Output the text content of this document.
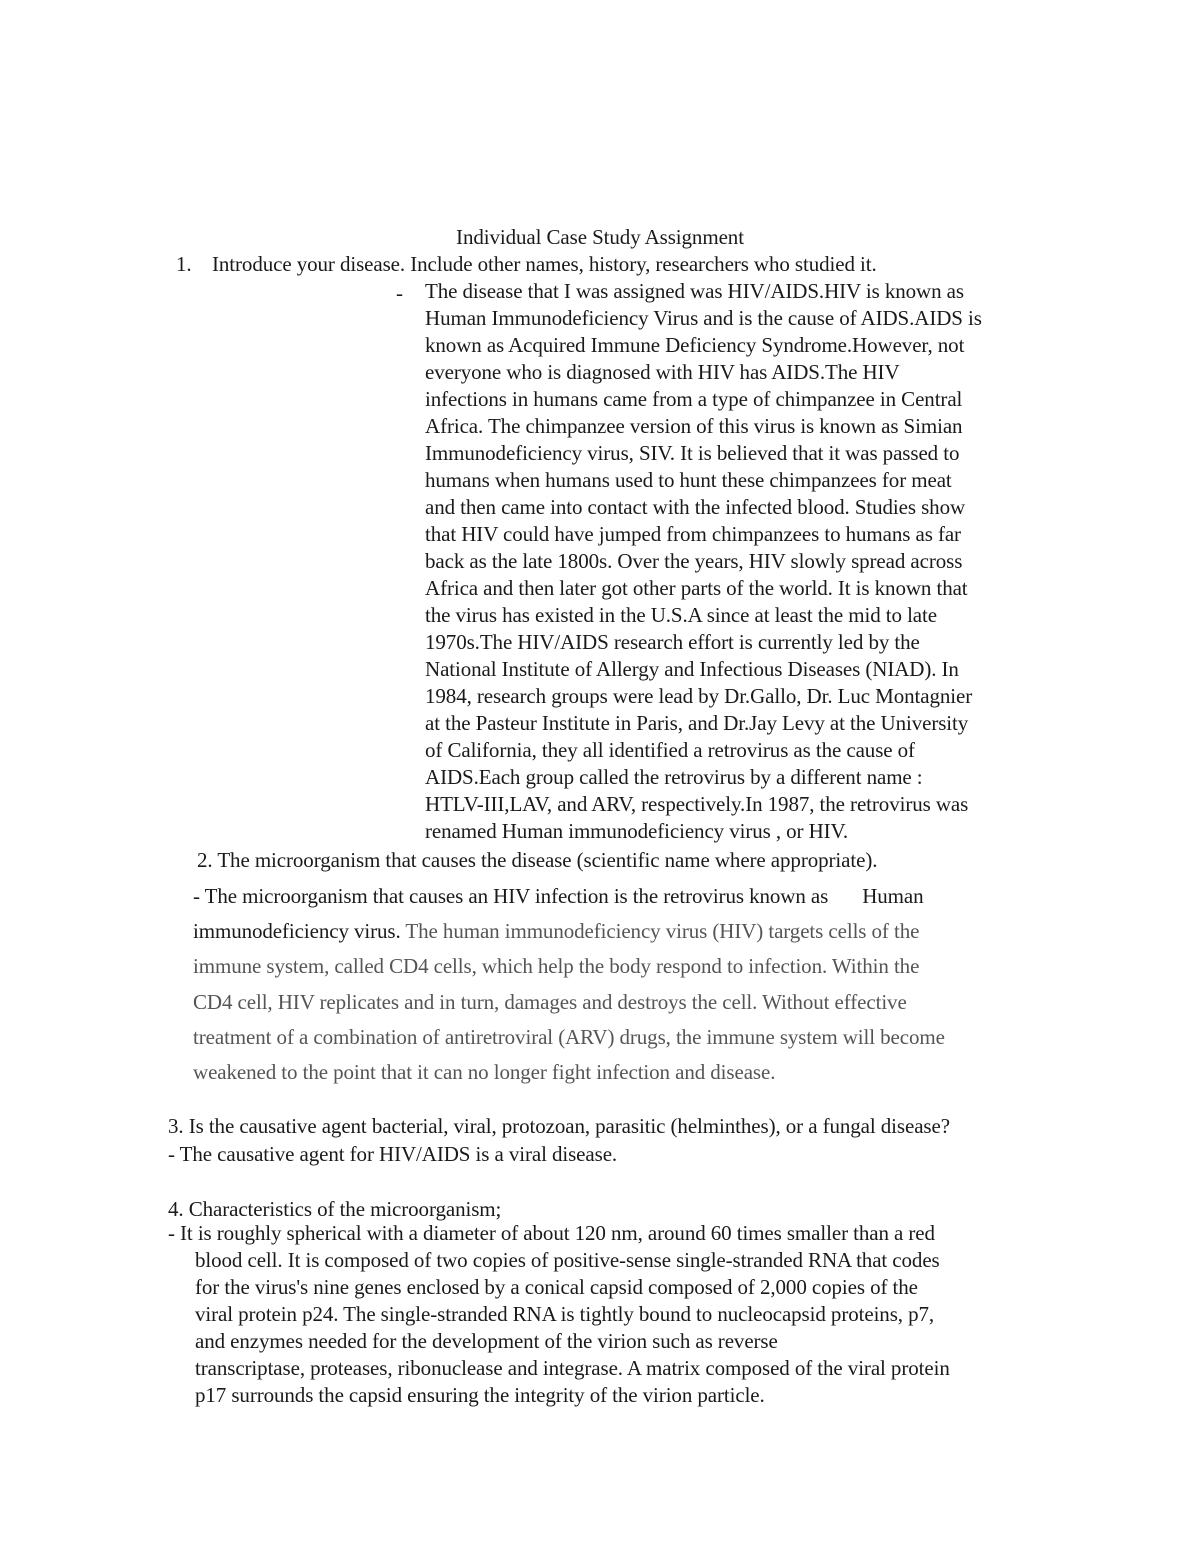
Individual Case Study Assignment
1. Introduce your disease. Include other names, history, researchers who studied it.
- The disease that I was assigned was HIV/AIDS.HIV is known as
Human Immunodeficiency Virus and is the cause of AIDS.AIDS is
known as Acquired Immune Deficiency Syndrome.However, not
everyone who is diagnosed with HIV has AIDS.The HIV
infections in humans came from a type of chimpanzee in Central
Africa. The chimpanzee version of this virus is known as Simian
Immunodeficiency virus, SIV. It is believed that it was passed to
humans when humans used to hunt these chimpanzees for meat
and then came into contact with the infected blood. Studies show
that HIV could have jumped from chimpanzees to humans as far
back as the late 1800s. Over the years, HIV slowly spread across
Africa and then later got other parts of the world. It is known that
the virus has existed in the U.S.A since at least the mid to late
1970s.The HIV/AIDS research effort is currently led by the
National Institute of Allergy and Infectious Diseases (NIAD). In
1984, research groups were lead by Dr.Gallo, Dr. Luc Montagnier
at the Pasteur Institute in Paris, and Dr.Jay Levy at the University
of California, they all identified a retrovirus as the cause of
AIDS.Each group called the retrovirus by a different name :
HTLV-III,LAV, and ARV, respectively.In 1987, the retrovirus was
renamed Human immunodeficiency virus , or HIV.
2. The microorganism that causes the disease (scientific name where appropriate).
- The microorganism that causes an HIV infection is the retrovirus known as Human
immunodeficiency virus. The human immunodeficiency virus (HIV) targets cells of the
immune system, called CD4 cells, which help the body respond to infection. Within the
CD4 cell, HIV replicates and in turn, damages and destroys the cell. Without effective
treatment of a combination of antiretroviral (ARV) drugs, the immune system will become
weakened to the point that it can no longer fight infection and disease.
3. Is the causative agent bacterial, viral, protozoan, parasitic (helminthes), or a fungal disease?
- The causative agent for HIV/AIDS is a viral disease.
4. Characteristics of the microorganism;
- It is roughly spherical with a diameter of about 120 nm, around 60 times smaller than a red
blood cell. It is composed of two copies of positive-sense single-stranded RNA that codes
for the virus's nine genes enclosed by a conical capsid composed of 2,000 copies of the
viral protein p24. The single-stranded RNA is tightly bound to nucleocapsid proteins, p7,
and enzymes needed for the development of the virion such as reverse
transcriptase, proteases, ribonuclease and integrase. A matrix composed of the viral protein
p17 surrounds the capsid ensuring the integrity of the virion particle.
